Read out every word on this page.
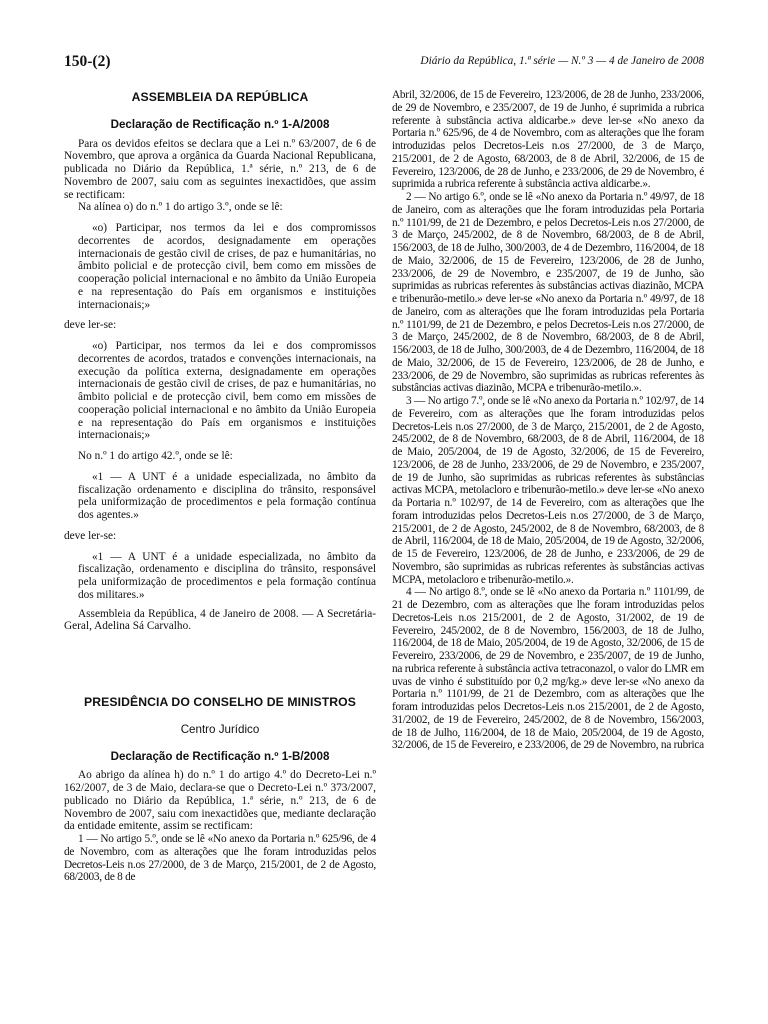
150-(2)	Diário da República, 1.ª série — N.º 3 — 4 de Janeiro de 2008
ASSEMBLEIA DA REPÚBLICA
Declaração de Rectificação n.º 1-A/2008

Para os devidos efeitos se declara que a Lei n.º 63/2007, de 6 de Novembro, que aprova a orgânica da Guarda Nacional Republicana, publicada no Diário da República, 1.ª série, n.º 213, de 6 de Novembro de 2007, saiu com as seguintes inexactidões, que assim se rectificam:

Na alínea o) do n.º 1 do artigo 3.º, onde se lê:

«o) Participar, nos termos da lei e dos compromissos decorrentes de acordos, designadamente em operações internacionais de gestão civil de crises, de paz e humanitárias, no âmbito policial e de protecção civil, bem como em missões de cooperação policial internacional e no âmbito da União Europeia e na representação do País em organismos e instituições internacionais;»

deve ler-se:

«o) Participar, nos termos da lei e dos compromissos decorrentes de acordos, tratados e convenções internacionais, na execução da política externa, designadamente em operações internacionais de gestão civil de crises, de paz e humanitárias, no âmbito policial e de protecção civil, bem como em missões de cooperação policial internacional e no âmbito da União Europeia e na representação do País em organismos e instituições internacionais;»

No n.º 1 do artigo 42.º, onde se lê:

«1 — A UNT é a unidade especializada, no âmbito da fiscalização ordenamento e disciplina do trânsito, responsável pela uniformização de procedimentos e pela formação contínua dos agentes.»

deve ler-se:

«1 — A UNT é a unidade especializada, no âmbito da fiscalização, ordenamento e disciplina do trânsito, responsável pela uniformização de procedimentos e pela formação contínua dos militares.»

Assembleia da República, 4 de Janeiro de 2008. — A Secretária-Geral, Adelina Sá Carvalho.

PRESIDÊNCIA DO CONSELHO DE MINISTROS
Centro Jurídico
Declaração de Rectificação n.º 1-B/2008

Ao abrigo da alínea h) do n.º 1 do artigo 4.º do Decreto-Lei n.º 162/2007, de 3 de Maio, declara-se que o Decreto-Lei n.º 373/2007, publicado no Diário da República, 1.ª série, n.º 213, de 6 de Novembro de 2007, saiu com inexactidões que, mediante declaração da entidade emitente, assim se rectificam:

1 — No artigo 5.º, onde se lê «No anexo da Portaria n.º 625/96, de 4 de Novembro, com as alterações que lhe foram introduzidas pelos Decretos-Leis n.os 27/2000, de 3 de Março, 215/2001, de 2 de Agosto, 68/2003, de 8 de

Abril, 32/2006, de 15 de Fevereiro, 123/2006, de 28 de Junho, 233/2006, de 29 de Novembro, e 235/2007, de 19 de Junho, é suprimida a rubrica referente à substância activa aldicarbe.» deve ler-se «No anexo da Portaria n.º 625/96, de 4 de Novembro, com as alterações que lhe foram introduzidas pelos Decretos-Leis n.os 27/2000, de 3 de Março, 215/2001, de 2 de Agosto, 68/2003, de 8 de Abril, 32/2006, de 15 de Fevereiro, 123/2006, de 28 de Junho, e 233/2006, de 29 de Novembro, é suprimida a rubrica referente à substância activa aldicarbe.».

2 — No artigo 6.º, onde se lê «No anexo da Portaria n.º 49/97, de 18 de Janeiro, com as alterações que lhe foram introduzidas pela Portaria n.º 1101/99, de 21 de Dezembro, e pelos Decretos-Leis n.os 27/2000, de 3 de Março, 245/2002, de 8 de Novembro, 68/2003, de 8 de Abril, 156/2003, de 18 de Julho, 300/2003, de 4 de Dezembro, 116/2004, de 18 de Maio, 32/2006, de 15 de Fevereiro, 123/2006, de 28 de Junho, 233/2006, de 29 de Novembro, e 235/2007, de 19 de Junho, são suprimidas as rubricas referentes às substâncias activas diazinão, MCPA e tribenurão-metilo.» deve ler-se «No anexo da Portaria n.º 49/97, de 18 de Janeiro, com as alterações que lhe foram introduzidas pela Portaria n.º 1101/99, de 21 de Dezembro, e pelos Decretos-Leis n.os 27/2000, de 3 de Março, 245/2002, de 8 de Novembro, 68/2003, de 8 de Abril, 156/2003, de 18 de Julho, 300/2003, de 4 de Dezembro, 116/2004, de 18 de Maio, 32/2006, de 15 de Fevereiro, 123/2006, de 28 de Junho, e 233/2006, de 29 de Novembro, são suprimidas as rubricas referentes às substâncias activas diazinão, MCPA e tribenurão-metilo.».

3 — No artigo 7.º, onde se lê «No anexo da Portaria n.º 102/97, de 14 de Fevereiro, com as alterações que lhe foram introduzidas pelos Decretos-Leis n.os 27/2000, de 3 de Março, 215/2001, de 2 de Agosto, 245/2002, de 8 de Novembro, 68/2003, de 8 de Abril, 116/2004, de 18 de Maio, 205/2004, de 19 de Agosto, 32/2006, de 15 de Fevereiro, 123/2006, de 28 de Junho, 233/2006, de 29 de Novembro, e 235/2007, de 19 de Junho, são suprimidas as rubricas referentes às substâncias activas MCPA, metolacloro e tribenurão-metilo.» deve ler-se «No anexo da Portaria n.º 102/97, de 14 de Fevereiro, com as alterações que lhe foram introduzidas pelos Decretos-Leis n.os 27/2000, de 3 de Março, 215/2001, de 2 de Agosto, 245/2002, de 8 de Novembro, 68/2003, de 8 de Abril, 116/2004, de 18 de Maio, 205/2004, de 19 de Agosto, 32/2006, de 15 de Fevereiro, 123/2006, de 28 de Junho, e 233/2006, de 29 de Novembro, são suprimidas as rubricas referentes às substâncias activas MCPA, metolacloro e tribenurão-metilo.».

4 — No artigo 8.º, onde se lê «No anexo da Portaria n.º 1101/99, de 21 de Dezembro, com as alterações que lhe foram introduzidas pelos Decretos-Leis n.os 215/2001, de 2 de Agosto, 31/2002, de 19 de Fevereiro, 245/2002, de 8 de Novembro, 156/2003, de 18 de Julho, 116/2004, de 18 de Maio, 205/2004, de 19 de Agosto, 32/2006, de 15 de Fevereiro, 233/2006, de 29 de Novembro, e 235/2007, de 19 de Junho, na rubrica referente à substância activa tetraconazol, o valor do LMR em uvas de vinho é substituído por 0,2 mg/kg.» deve ler-se «No anexo da Portaria n.º 1101/99, de 21 de Dezembro, com as alterações que lhe foram introduzidas pelos Decretos-Leis n.os 215/2001, de 2 de Agosto, 31/2002, de 19 de Fevereiro, 245/2002, de 8 de Novembro, 156/2003, de 18 de Julho, 116/2004, de 18 de Maio, 205/2004, de 19 de Agosto, 32/2006, de 15 de Fevereiro, e 233/2006, de 29 de Novembro, na rubrica
